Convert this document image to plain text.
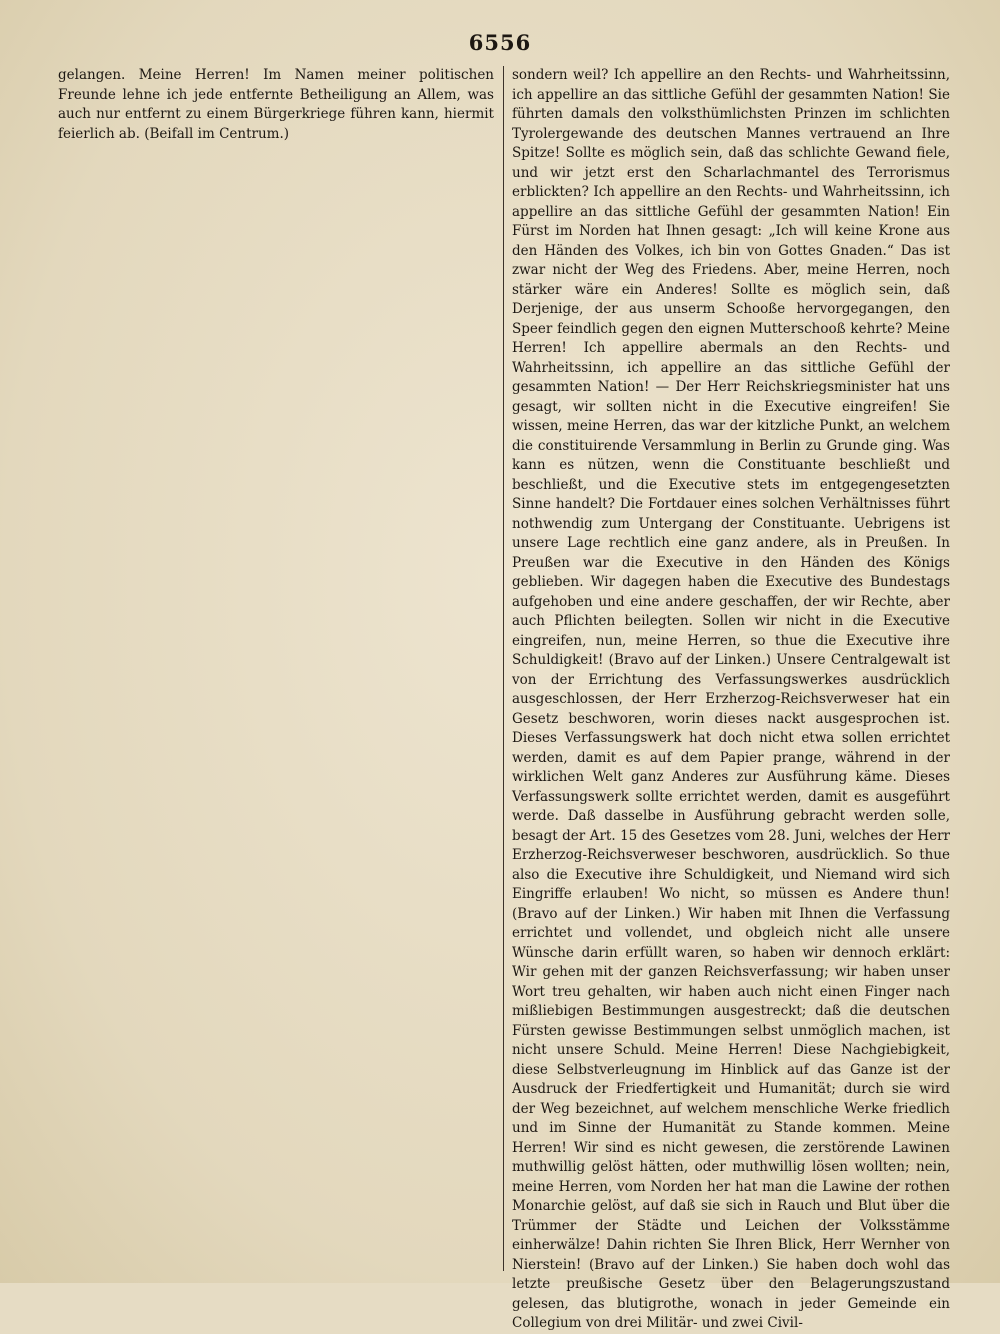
6556

gelangen. Meine Herren! Im Namen meiner politischen Freunde lehne ich jede entfernte Betheiligung an Allem, was auch nur entfernt zu einem Bürgerkriege führen kann, hiermit feierlich ab. (Beifall im Centrum.)

sondern weil? Ich appellire an den Rechts- und Wahrheitssinn, ich appellire an das sittliche Gefühl der gesammten Nation! Sie führten damals den volksthümlichsten Prinzen im schlichten Tyrolergewande des deutschen Mannes vertrauend an Ihre Spitze! Sollte es möglich sein, daß das schlichte Gewand fiele, und wir jetzt erst den Scharlachmantel des Terrorismus erblickten? Ich appellire an den Rechts- und Wahrheitssinn, ich appellire an das sittliche Gefühl der gesammten Nation! Ein Fürst im Norden hat Ihnen gesagt: „Ich will keine Krone aus den Händen des Volkes, ich bin von Gottes Gnaden.“ Das ist zwar nicht der Weg des Friedens. Aber, meine Herren, noch stärker wäre ein Anderes! Sollte es möglich sein, daß Derjenige, der aus unserm Schooße hervorgegangen, den Speer feindlich gegen den eignen Mutterschooß kehrte? Meine Herren! Ich appellire abermals an den Rechts- und Wahrheitssinn, ich appellire an das sittliche Gefühl der gesammten Nation! — Der Herr Reichskriegsminister hat uns gesagt, wir sollten nicht in die Executive eingreifen! Sie wissen, meine Herren, das war der kitzliche Punkt, an welchem die constituirende Versammlung in Berlin zu Grunde ging. Was kann es nützen, wenn die Constituante beschließt und beschließt, und die Executive stets im entgegengesetzten Sinne handelt? Die Fortdauer eines solchen Verhältnisses führt nothwendig zum Untergang der Constituante. Uebrigens ist unsere Lage rechtlich eine ganz andere, als in Preußen. In Preußen war die Executive in den Händen des Königs geblieben. Wir dagegen haben die Executive des Bundestags aufgehoben und eine andere geschaffen, der wir Rechte, aber auch Pflichten beilegten. Sollen wir nicht in die Executive eingreifen, nun, meine Herren, so thue die Executive ihre Schuldigkeit! (Bravo auf der Linken.) Unsere Centralgewalt ist von der Errichtung des Verfassungswerkes ausdrücklich ausgeschlossen, der Herr Erzherzog-Reichsverweser hat ein Gesetz beschworen, worin dieses nackt ausgesprochen ist. Dieses Verfassungswerk hat doch nicht etwa sollen errichtet werden, damit es auf dem Papier prange, während in der wirklichen Welt ganz Anderes zur Ausführung käme. Dieses Verfassungswerk sollte errichtet werden, damit es ausgeführt werde. Daß dasselbe in Ausführung gebracht werden solle, besagt der Art. 15 des Gesetzes vom 28. Juni, welches der Herr Erzherzog-Reichsverweser beschworen, ausdrücklich. So thue also die Executive ihre Schuldigkeit, und Niemand wird sich Eingriffe erlauben! Wo nicht, so müssen es Andere thun! (Bravo auf der Linken.) Wir haben mit Ihnen die Verfassung errichtet und vollendet, und obgleich nicht alle unsere Wünsche darin erfüllt waren, so haben wir dennoch erklärt: Wir gehen mit der ganzen Reichsverfassung; wir haben unser Wort treu gehalten, wir haben auch nicht einen Finger nach mißliebigen Bestimmungen ausgestreckt; daß die deutschen Fürsten gewisse Bestimmungen selbst unmöglich machen, ist nicht unsere Schuld. Meine Herren! Diese Nachgiebigkeit, diese Selbstverleugnung im Hinblick auf das Ganze ist der Ausdruck der Friedfertigkeit und Humanität; durch sie wird der Weg bezeichnet, auf welchem menschliche Werke friedlich und im Sinne der Humanität zu Stande kommen. Meine Herren! Wir sind es nicht gewesen, die zerstörende Lawinen muthwillig gelöst hätten, oder muthwillig lösen wollten; nein, meine Herren, vom Norden her hat man die Lawine der rothen Monarchie gelöst, auf daß sie sich in Rauch und Blut über die Trümmer der Städte und Leichen der Volksstämme einherwälze! Dahin richten Sie Ihren Blick, Herr Wernher von Nierstein! (Bravo auf der Linken.) Sie haben doch wohl das letzte preußische Gesetz über den Belagerungszustand gelesen, das blutigrothe, wonach in jeder Gemeinde ein Collegium von drei Militär- und zwei Civil-
